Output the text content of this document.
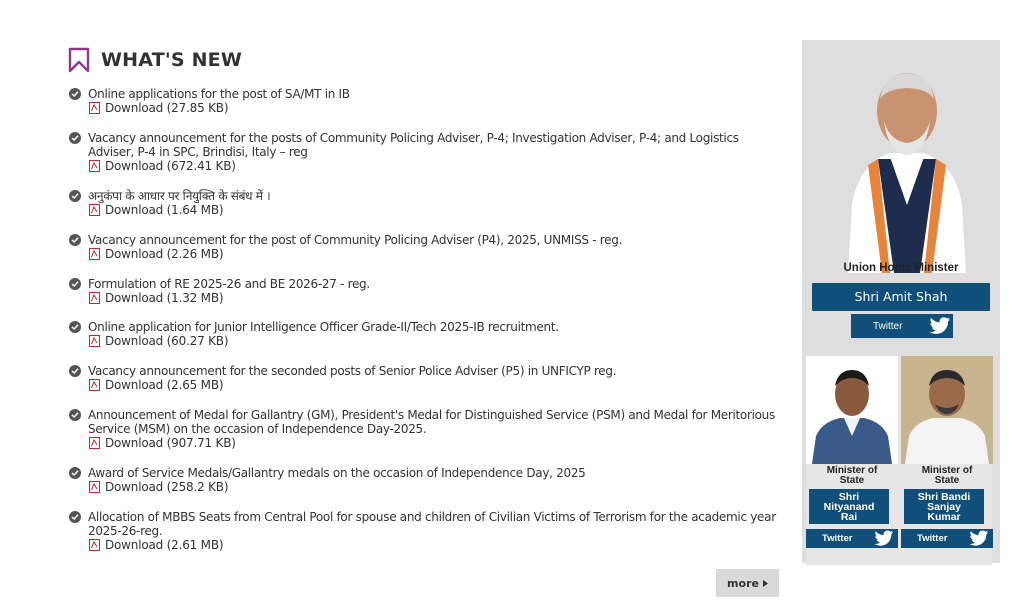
WHAT'S NEW
Online applications for the post of SA/MT in IB
Download (27.85 KB)
Vacancy announcement for the posts of Community Policing Adviser, P-4; Investigation Adviser, P-4; and Logistics Adviser, P-4 in SPC, Brindisi, Italy – reg
Download (672.41 KB)
अनुकंपा के आधार पर नियुक्ति के संबंध में ।
Download (1.64 MB)
Vacancy announcement for the post of Community Policing Adviser (P4), 2025, UNMISS - reg.
Download (2.26 MB)
Formulation of RE 2025-26 and BE 2026-27 - reg.
Download (1.32 MB)
Online application for Junior Intelligence Officer Grade-II/Tech 2025-IB recruitment.
Download (60.27 KB)
Vacancy announcement for the seconded posts of Senior Police Adviser (P5) in UNFICYP reg.
Download (2.65 MB)
Announcement of Medal for Gallantry (GM), President's Medal for Distinguished Service (PSM) and Medal for Meritorious Service (MSM) on the occasion of Independence Day-2025.
Download (907.71 KB)
Award of Service Medals/Gallantry medals on the occasion of Independence Day, 2025
Download (258.2 KB)
Allocation of MBBS Seats from Central Pool for spouse and children of Civilian Victims of Terrorism for the academic year 2025-26-reg.
Download (2.61 MB)
more
Union Home Minister
Shri Amit Shah
Twitter
Minister of
State
Shri
Nityanand
Rai
Twitter
Minister of
State
Shri Bandi
Sanjay
Kumar
Twitter
